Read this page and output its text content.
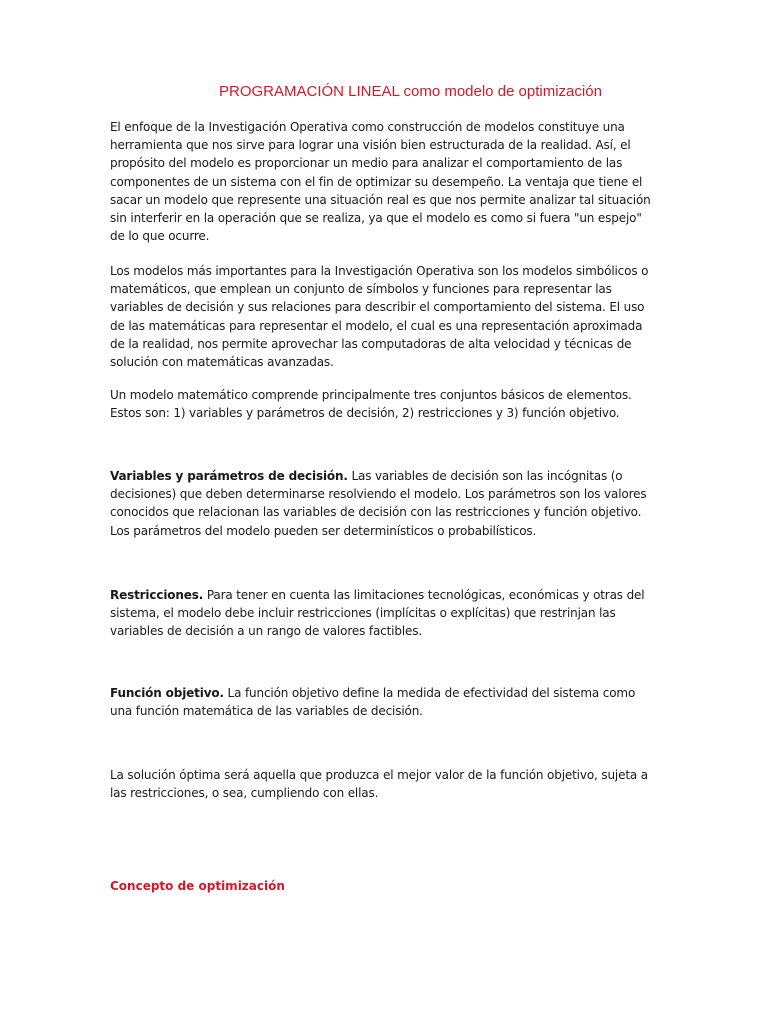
PROGRAMACIÓN LINEAL como modelo de optimización

El enfoque de la Investigación Operativa como construcción de modelos constituye una herramienta que nos sirve para lograr una visión bien estructurada de la realidad. Así, el propósito del modelo es proporcionar un medio para analizar el comportamiento de las componentes de un sistema con el fin de optimizar su desempeño. La ventaja que tiene el sacar un modelo que represente una situación real es que nos permite analizar tal situación sin interferir en la operación que se realiza, ya que el modelo es como si fuera "un espejo" de lo que ocurre.

Los modelos más importantes para la Investigación Operativa son los modelos simbólicos o matemáticos, que emplean un conjunto de símbolos y funciones para representar las variables de decisión y sus relaciones para describir el comportamiento del sistema. El uso de las matemáticas para representar el modelo, el cual es una representación aproximada de la realidad, nos permite aprovechar las computadoras de alta velocidad y técnicas de solución con matemáticas avanzadas.

Un modelo matemático comprende principalmente tres conjuntos básicos de elementos. Estos son: 1) variables y parámetros de decisión, 2) restricciones y 3) función objetivo.

Variables y parámetros de decisión. Las variables de decisión son las incógnitas (o decisiones) que deben determinarse resolviendo el modelo. Los parámetros son los valores conocidos que relacionan las variables de decisión con las restricciones y función objetivo. Los parámetros del modelo pueden ser determinísticos o probabilísticos.

Restricciones. Para tener en cuenta las limitaciones tecnológicas, económicas y otras del sistema, el modelo debe incluir restricciones (implícitas o explícitas) que restrinjan las variables de decisión a un rango de valores factibles.

Función objetivo. La función objetivo define la medida de efectividad del sistema como una función matemática de las variables de decisión.

La solución óptima será aquella que produzca el mejor valor de la función objetivo, sujeta a las restricciones, o sea, cumpliendo con ellas.

Concepto de optimización
